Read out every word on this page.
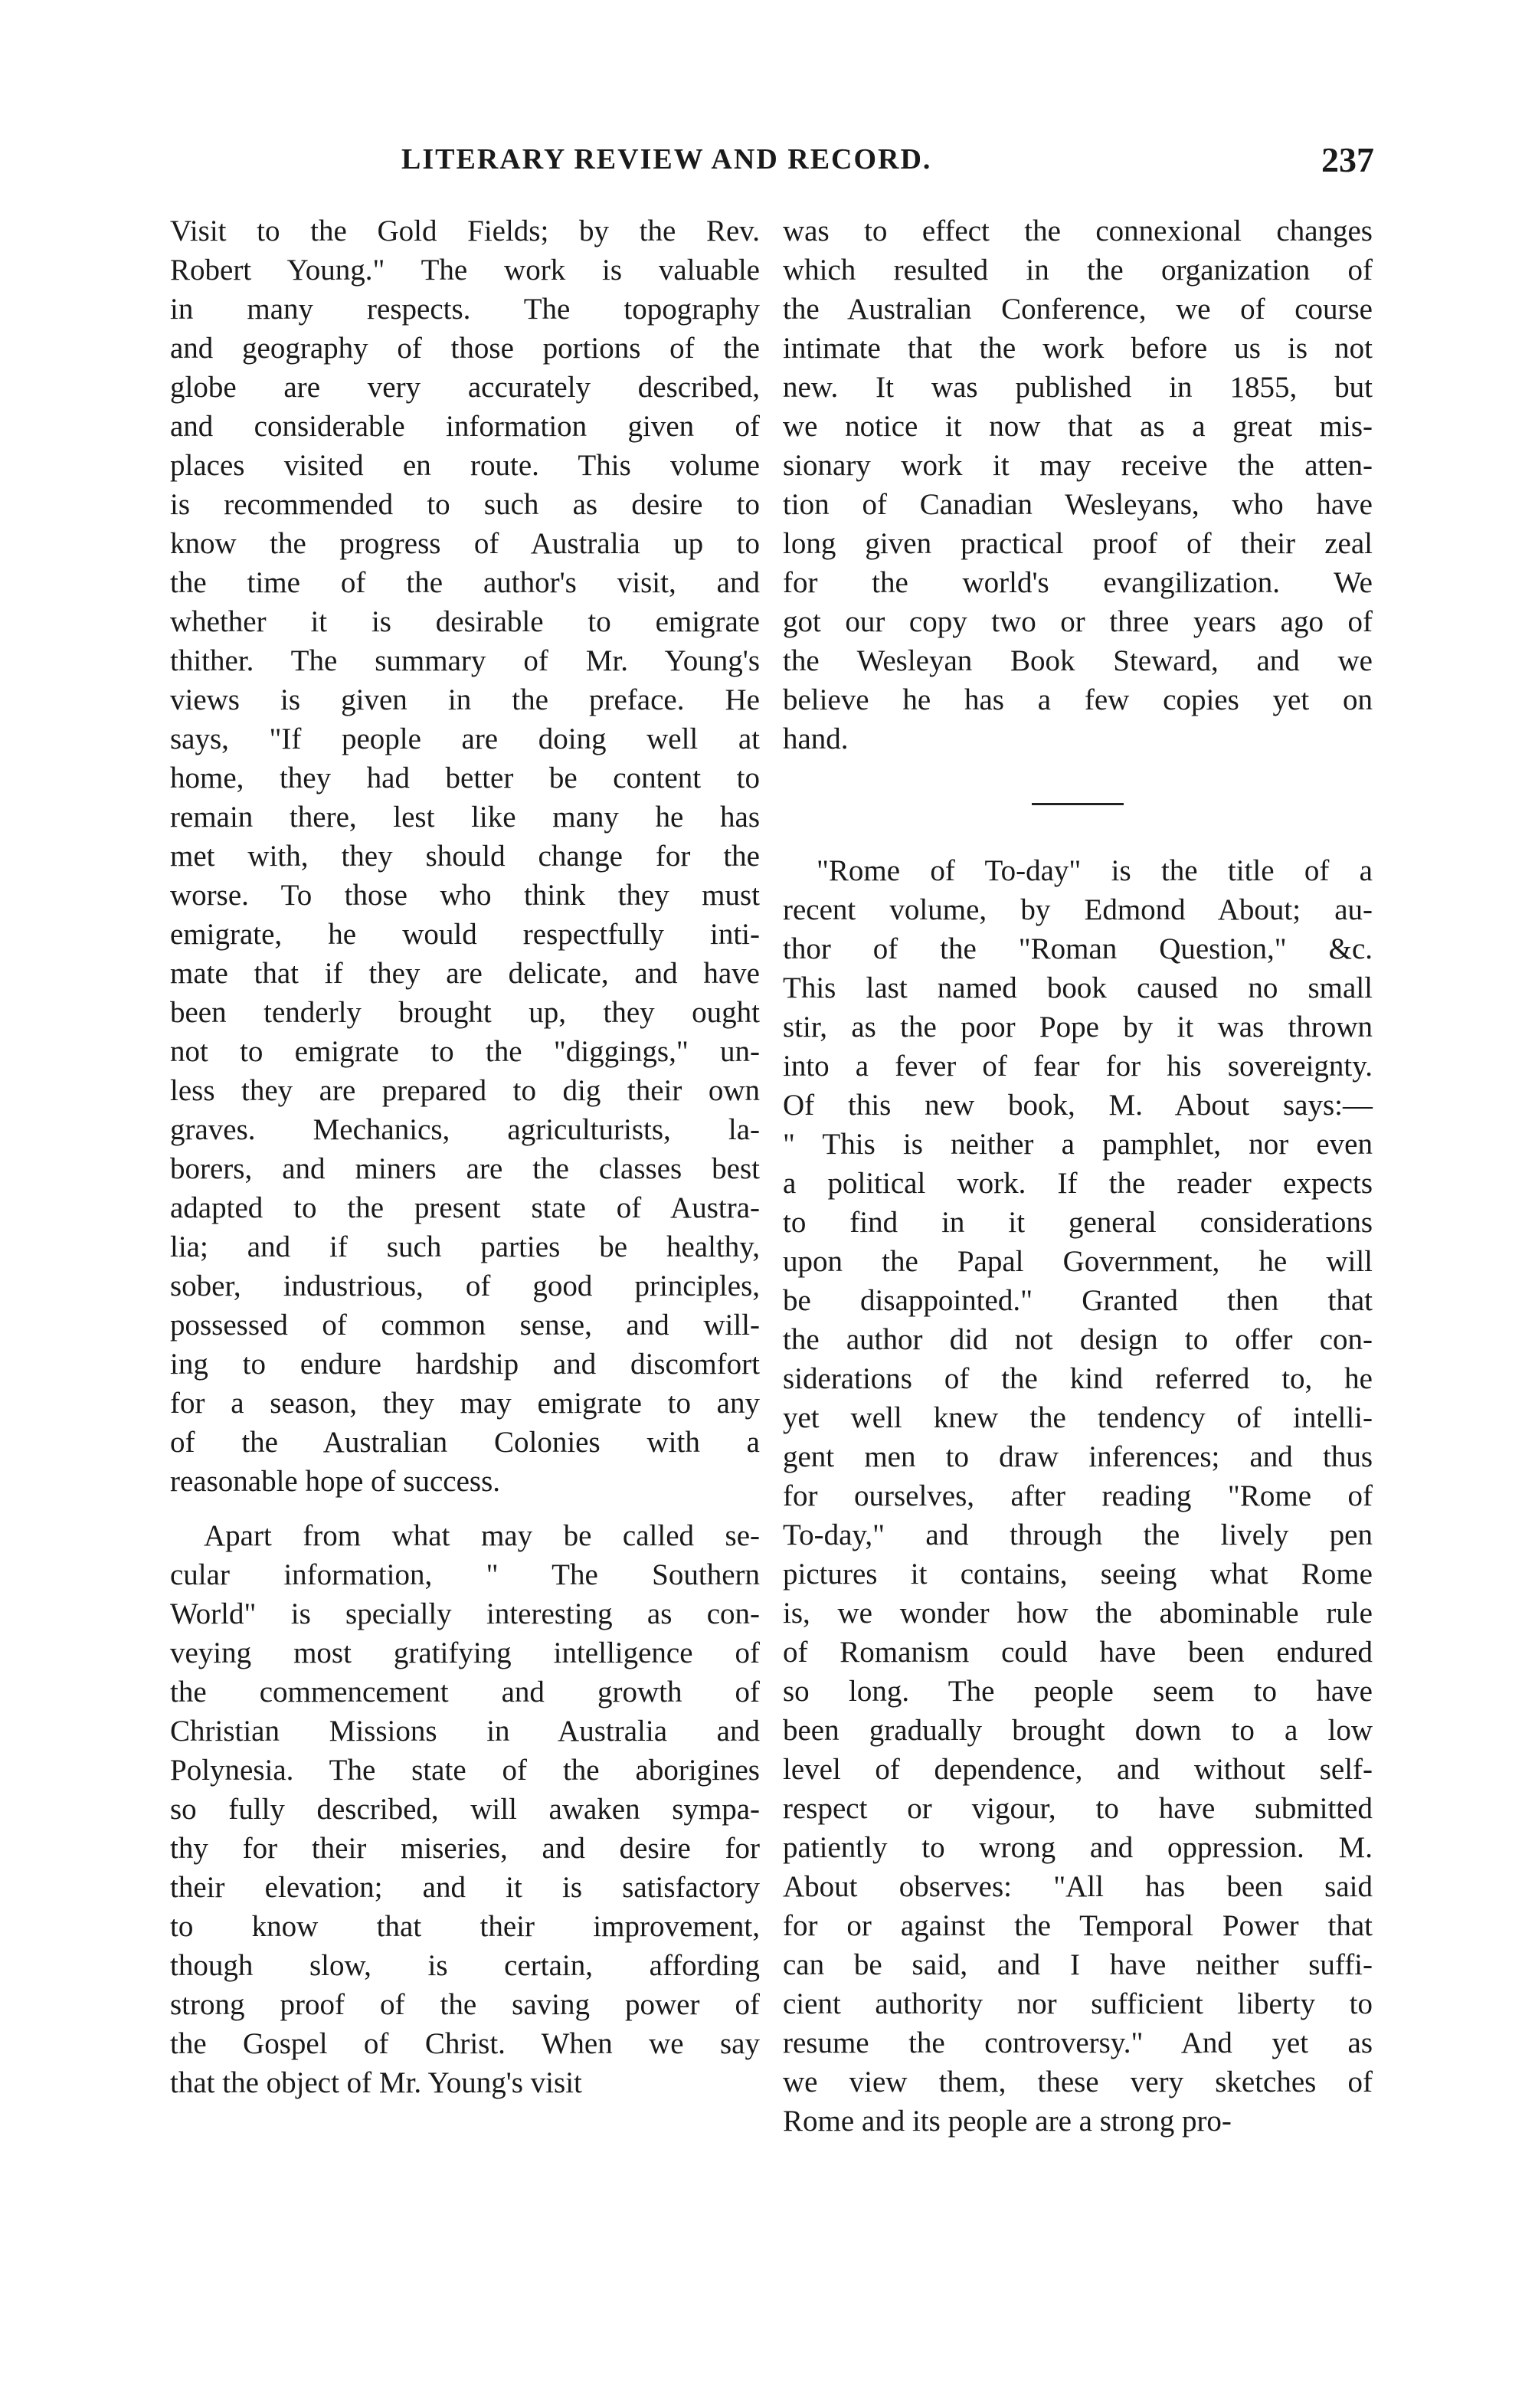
LITERARY REVIEW AND RECORD.	237
Visit to the Gold Fields; by the Rev.
Robert Young." The work is valuable
in many respects. The topography
and geography of those portions of the
globe are very accurately described,
and considerable information given of
places visited en route. This volume
is recommended to such as desire to
know the progress of Australia up to
the time of the author's visit, and
whether it is desirable to emigrate
thither. The summary of Mr. Young's
views is given in the preface. He
says, "If people are doing well at
home, they had better be content to
remain there, lest like many he has
met with, they should change for the
worse. To those who think they must
emigrate, he would respectfully inti-
mate that if they are delicate, and have
been tenderly brought up, they ought
not to emigrate to the "diggings," un-
less they are prepared to dig their own
graves. Mechanics, agriculturists, la-
borers, and miners are the classes best
adapted to the present state of Austra-
lia; and if such parties be healthy,
sober, industrious, of good principles,
possessed of common sense, and will-
ing to endure hardship and discomfort
for a season, they may emigrate to any
of the Australian Colonies with a
reasonable hope of success.
Apart from what may be called se-
cular information, " The Southern
World" is specially interesting as con-
veying most gratifying intelligence of
the commencement and growth of
Christian Missions in Australia and
Polynesia. The state of the aborigines
so fully described, will awaken sympa-
thy for their miseries, and desire for
their elevation; and it is satisfactory
to know that their improvement,
though slow, is certain, affording
strong proof of the saving power of
the Gospel of Christ. When we say
that the object of Mr. Young's visit
was to effect the connexional changes
which resulted in the organization of
the Australian Conference, we of course
intimate that the work before us is not
new. It was published in 1855, but
we notice it now that as a great mis-
sionary work it may receive the atten-
tion of Canadian Wesleyans, who have
long given practical proof of their zeal
for the world's evangilization. We
got our copy two or three years ago of
the Wesleyan Book Steward, and we
believe he has a few copies yet on
hand.
"Rome of To-day" is the title of a
recent volume, by Edmond About; au-
thor of the "Roman Question," &c.
This last named book caused no small
stir, as the poor Pope by it was thrown
into a fever of fear for his sovereignty.
Of this new book, M. About says:—
" This is neither a pamphlet, nor even
a political work. If the reader expects
to find in it general considerations
upon the Papal Government, he will
be disappointed." Granted then that
the author did not design to offer con-
siderations of the kind referred to, he
yet well knew the tendency of intelli-
gent men to draw inferences; and thus
for ourselves, after reading "Rome of
To-day," and through the lively pen
pictures it contains, seeing what Rome
is, we wonder how the abominable rule
of Romanism could have been endured
so long. The people seem to have
been gradually brought down to a low
level of dependence, and without self-
respect or vigour, to have submitted
patiently to wrong and oppression. M.
About observes: "All has been said
for or against the Temporal Power that
can be said, and I have neither suffi-
cient authority nor sufficient liberty to
resume the controversy." And yet as
we view them, these very sketches of
Rome and its people are a strong pro-
